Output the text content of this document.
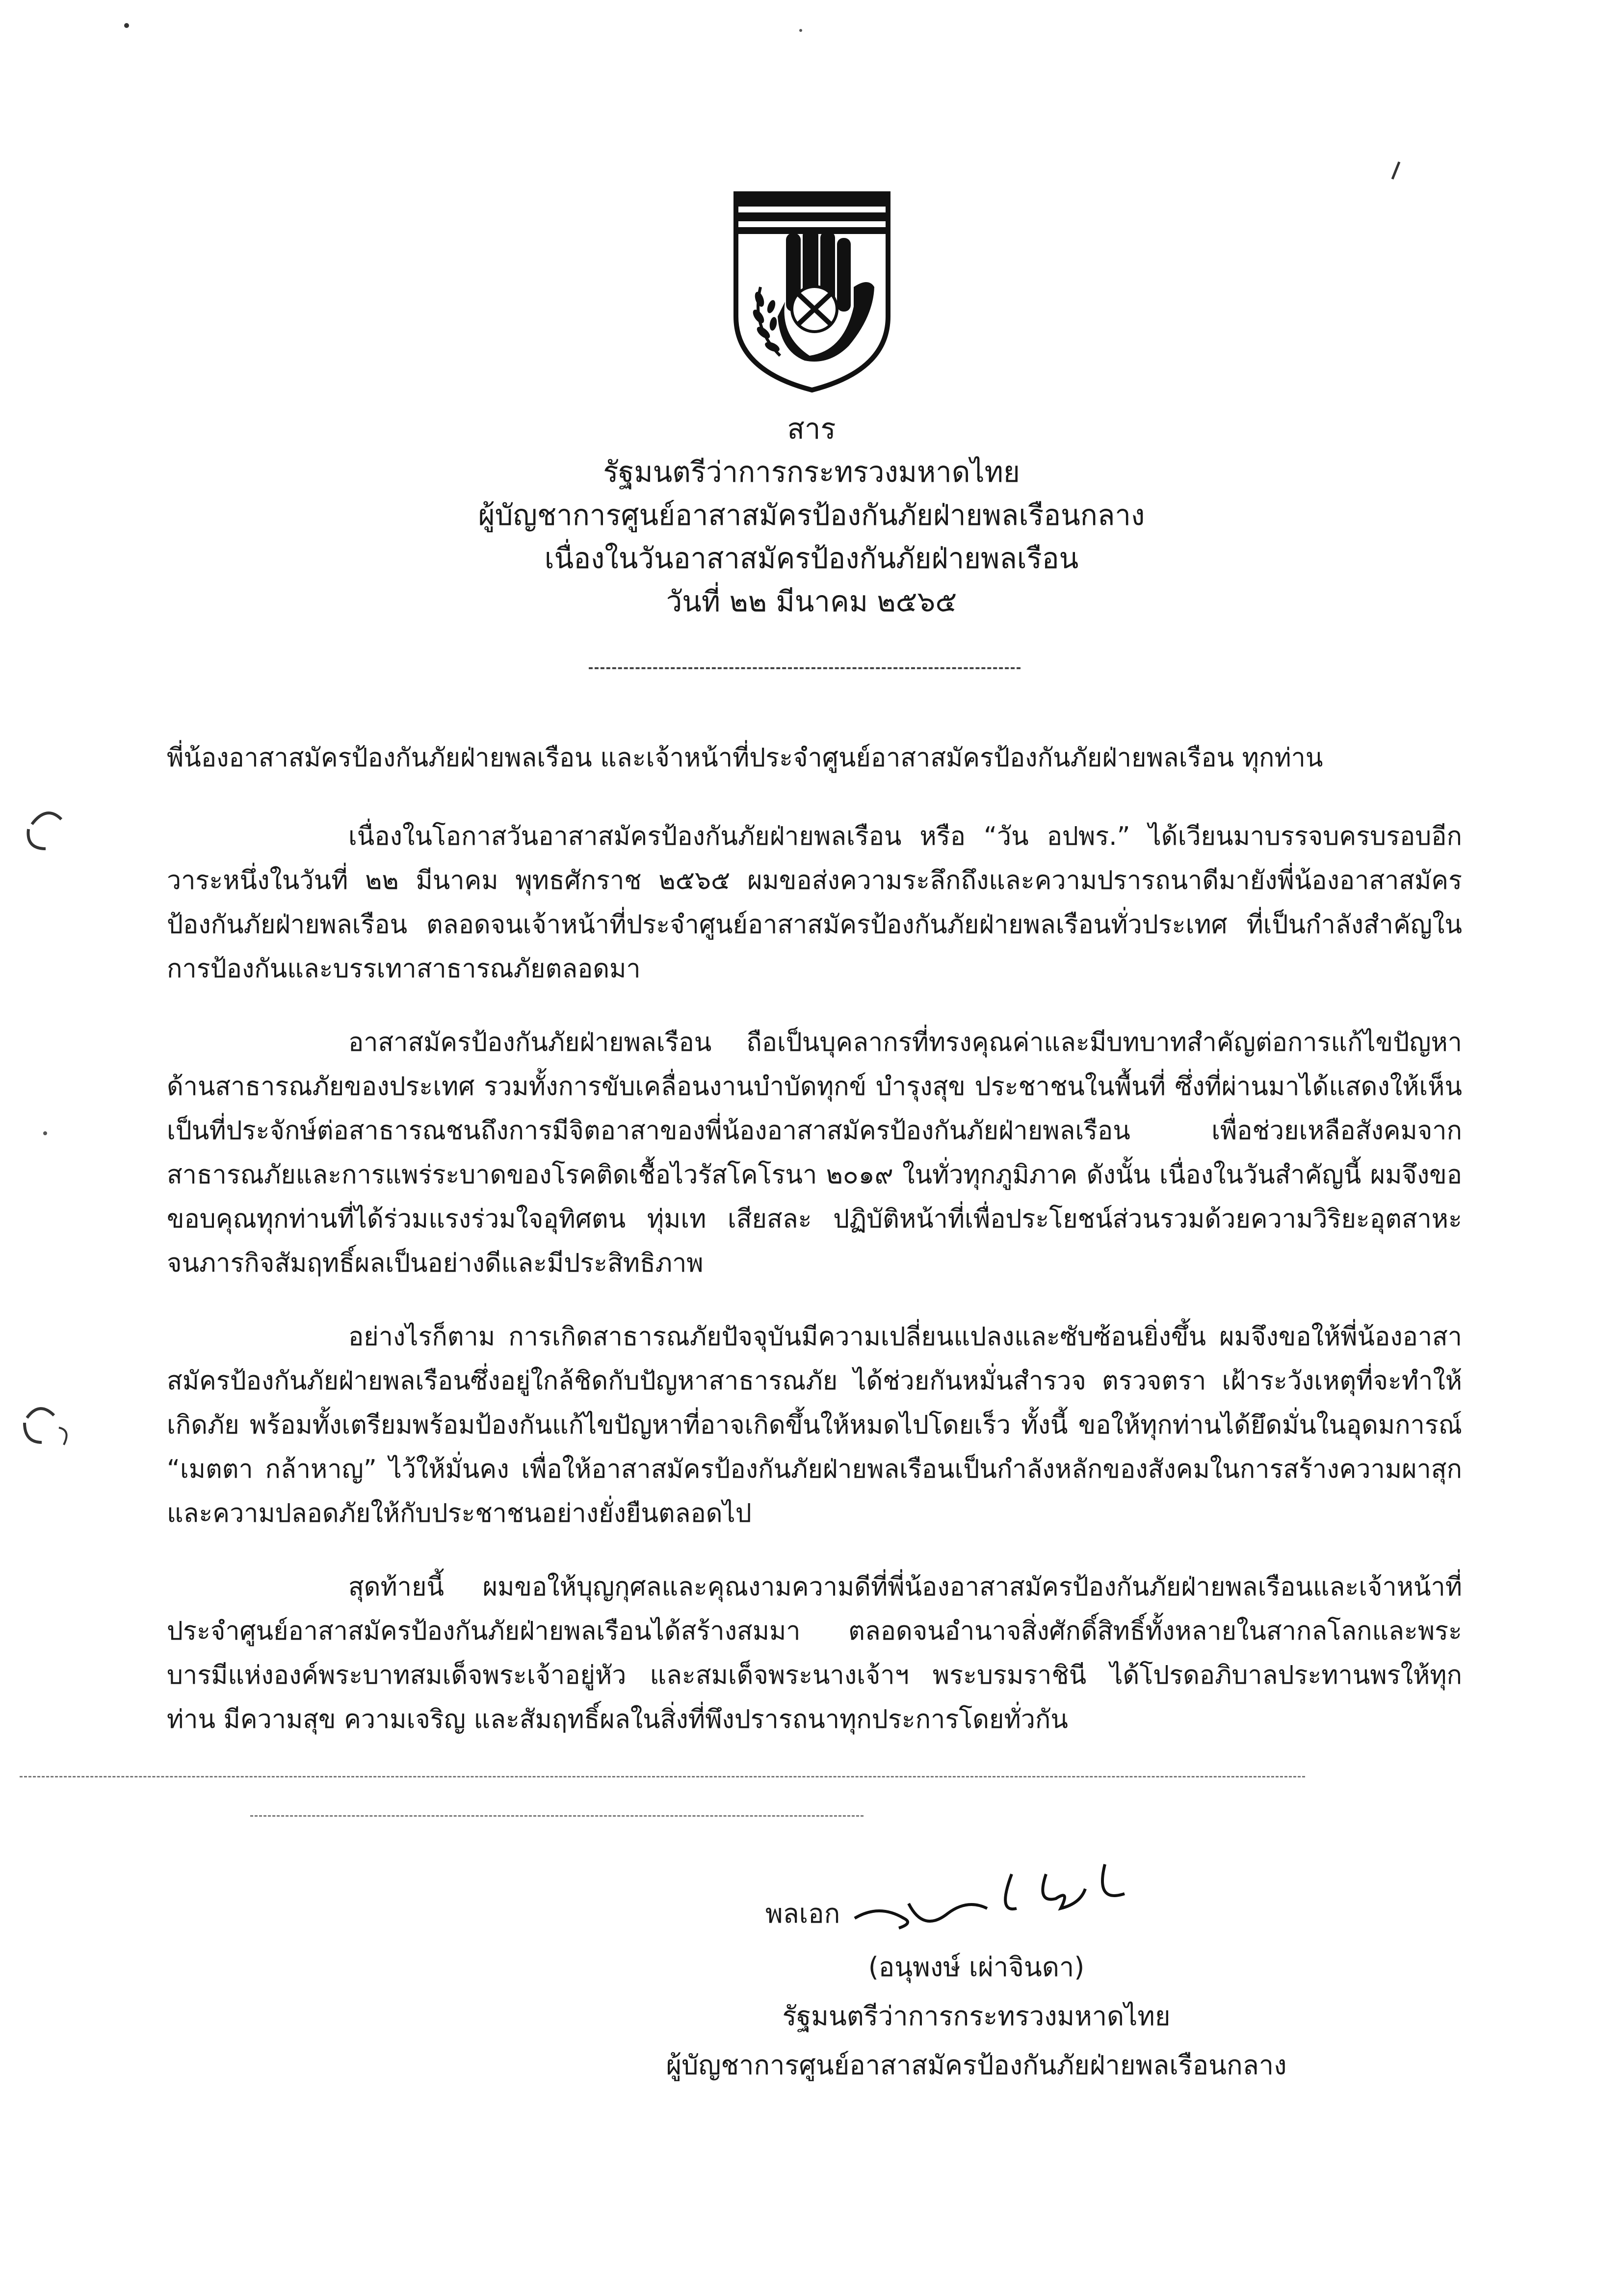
สาร
รัฐมนตรีว่าการกระทรวงมหาดไทย
ผู้บัญชาการศูนย์อาสาสมัครป้องกันภัยฝ่ายพลเรือนกลาง
เนื่องในวันอาสาสมัครป้องกันภัยฝ่ายพลเรือน
วันที่ ๒๒ มีนาคม ๒๕๖๕

พี่น้องอาสาสมัครป้องกันภัยฝ่ายพลเรือน และเจ้าหน้าที่ประจำศูนย์อาสาสมัครป้องกันภัยฝ่ายพลเรือน ทุกท่าน

เนื่องในโอกาสวันอาสาสมัครป้องกันภัยฝ่ายพลเรือน หรือ “วัน อปพร.” ได้เวียนมาบรรจบครบรอบอีกวาระหนึ่งในวันที่ ๒๒ มีนาคม พุทธศักราช ๒๕๖๕ ผมขอส่งความระลึกถึงและความปรารถนาดีมายังพี่น้องอาสาสมัครป้องกันภัยฝ่ายพลเรือน ตลอดจนเจ้าหน้าที่ประจำศูนย์อาสาสมัครป้องกันภัยฝ่ายพลเรือนทั่วประเทศ ที่เป็นกำลังสำคัญในการป้องกันและบรรเทาสาธารณภัยตลอดมา

อาสาสมัครป้องกันภัยฝ่ายพลเรือน ถือเป็นบุคลากรที่ทรงคุณค่าและมีบทบาทสำคัญต่อการแก้ไขปัญหาด้านสาธารณภัยของประเทศ รวมทั้งการขับเคลื่อนงานบำบัดทุกข์ บำรุงสุข ประชาชนในพื้นที่ ซึ่งที่ผ่านมาได้แสดงให้เห็นเป็นที่ประจักษ์ต่อสาธารณชนถึงการมีจิตอาสาของพี่น้องอาสาสมัครป้องกันภัยฝ่ายพลเรือน เพื่อช่วยเหลือสังคมจากสาธารณภัยและการแพร่ระบาดของโรคติดเชื้อไวรัสโคโรนา ๒๐๑๙ ในทั่วทุกภูมิภาค ดังนั้น เนื่องในวันสำคัญนี้ ผมจึงขอขอบคุณทุกท่านที่ได้ร่วมแรงร่วมใจอุทิศตน ทุ่มเท เสียสละ ปฏิบัติหน้าที่เพื่อประโยชน์ส่วนรวมด้วยความวิริยะอุตสาหะ จนภารกิจสัมฤทธิ์ผลเป็นอย่างดีและมีประสิทธิภาพ

อย่างไรก็ตาม การเกิดสาธารณภัยปัจจุบันมีความเปลี่ยนแปลงและซับซ้อนยิ่งขึ้น ผมจึงขอให้พี่น้องอาสาสมัครป้องกันภัยฝ่ายพลเรือนซึ่งอยู่ใกล้ชิดกับปัญหาสาธารณภัย ได้ช่วยกันหมั่นสำรวจ ตรวจตรา เฝ้าระวังเหตุที่จะทำให้เกิดภัย พร้อมทั้งเตรียมพร้อมป้องกันแก้ไขปัญหาที่อาจเกิดขึ้นให้หมดไปโดยเร็ว ทั้งนี้ ขอให้ทุกท่านได้ยึดมั่นในอุดมการณ์ “เมตตา กล้าหาญ” ไว้ให้มั่นคง เพื่อให้อาสาสมัครป้องกันภัยฝ่ายพลเรือนเป็นกำลังหลักของสังคมในการสร้างความผาสุกและความปลอดภัยให้กับประชาชนอย่างยั่งยืนตลอดไป

สุดท้ายนี้ ผมขอให้บุญกุศลและคุณงามความดีที่พี่น้องอาสาสมัครป้องกันภัยฝ่ายพลเรือนและเจ้าหน้าที่ประจำศูนย์อาสาสมัครป้องกันภัยฝ่ายพลเรือนได้สร้างสมมา ตลอดจนอำนาจสิ่งศักดิ์สิทธิ์ทั้งหลายในสากลโลกและพระบารมีแห่งองค์พระบาทสมเด็จพระเจ้าอยู่หัว และสมเด็จพระนางเจ้าฯ พระบรมราชินี ได้โปรดอภิบาลประทานพรให้ทุกท่าน มีความสุข ความเจริญ และสัมฤทธิ์ผลในสิ่งที่พึงปรารถนาทุกประการโดยทั่วกัน

พลเอก
(อนุพงษ์ เผ่าจินดา)
รัฐมนตรีว่าการกระทรวงมหาดไทย
ผู้บัญชาการศูนย์อาสาสมัครป้องกันภัยฝ่ายพลเรือนกลาง
